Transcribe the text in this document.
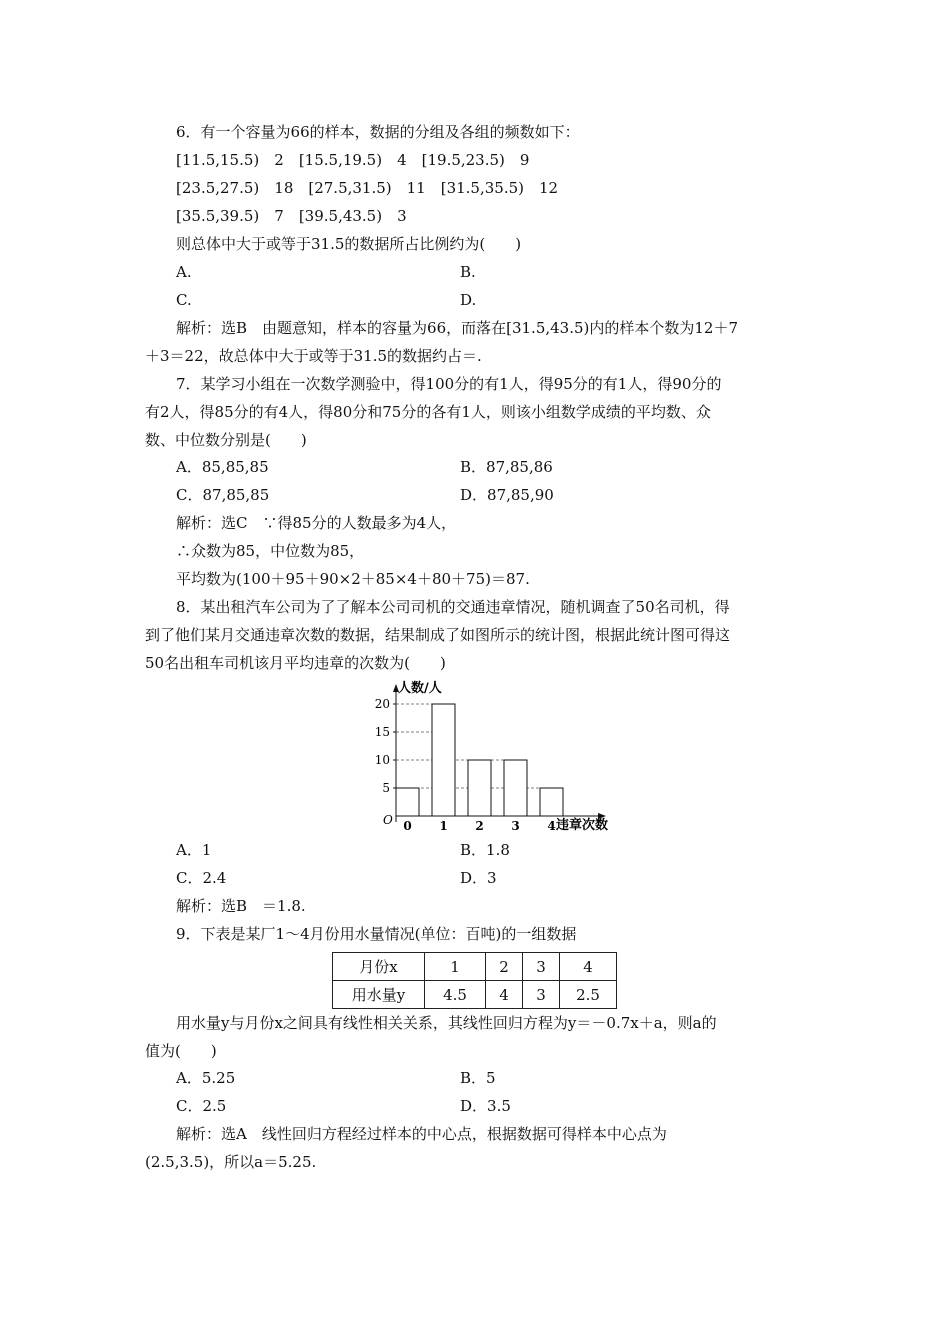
6．有一个容量为66的样本，数据的分组及各组的频数如下：
[11.5,15.5)　2　[15.5,19.5)　4　[19.5,23.5)　9
[23.5,27.5)　18　[27.5,31.5)　11　[31.5,35.5)　12
[35.5,39.5)　7　[39.5,43.5)　3
则总体中大于或等于31.5的数据所占比例约为(　　)
A.	B.
C.	D.
解析：选B　由题意知，样本的容量为66，而落在[31.5,43.5)内的样本个数为12＋7
＋3＝22，故总体中大于或等于31.5的数据约占＝.
7．某学习小组在一次数学测验中，得100分的有1人，得95分的有1人，得90分的
有2人，得85分的有4人，得80分和75分的各有1人，则该小组数学成绩的平均数、众
数、中位数分别是(　　)
A．85,85,85	B．87,85,86
C．87,85,85	D．87,85,90
解析：选C　∵得85分的人数最多为4人，
∴众数为85，中位数为85，
平均数为(100＋95＋90×2＋85×4＋80＋75)＝87.
8．某出租汽车公司为了了解本公司司机的交通违章情况，随机调查了50名司机，得
到了他们某月交通违章次数的数据，结果制成了如图所示的统计图，根据此统计图可得这
50名出租车司机该月平均违章的次数为(　　)
人数/人
违章次数
O
5
10
15
20
0 1 2 3 4
A．1	B．1.8
C．2.4	D．3
解析：选B　＝1.8.
9．下表是某厂1～4月份用水量情况(单位：百吨)的一组数据
月份x	1	2	3	4
用水量y	4.5	4	3	2.5
用水量y与月份x之间具有线性相关关系，其线性回归方程为y＝－0.7x＋a，则a的
值为(　　)
A．5.25	B．5
C．2.5	D．3.5
解析：选A　线性回归方程经过样本的中心点，根据数据可得样本中心点为
(2.5,3.5)，所以a＝5.25.
